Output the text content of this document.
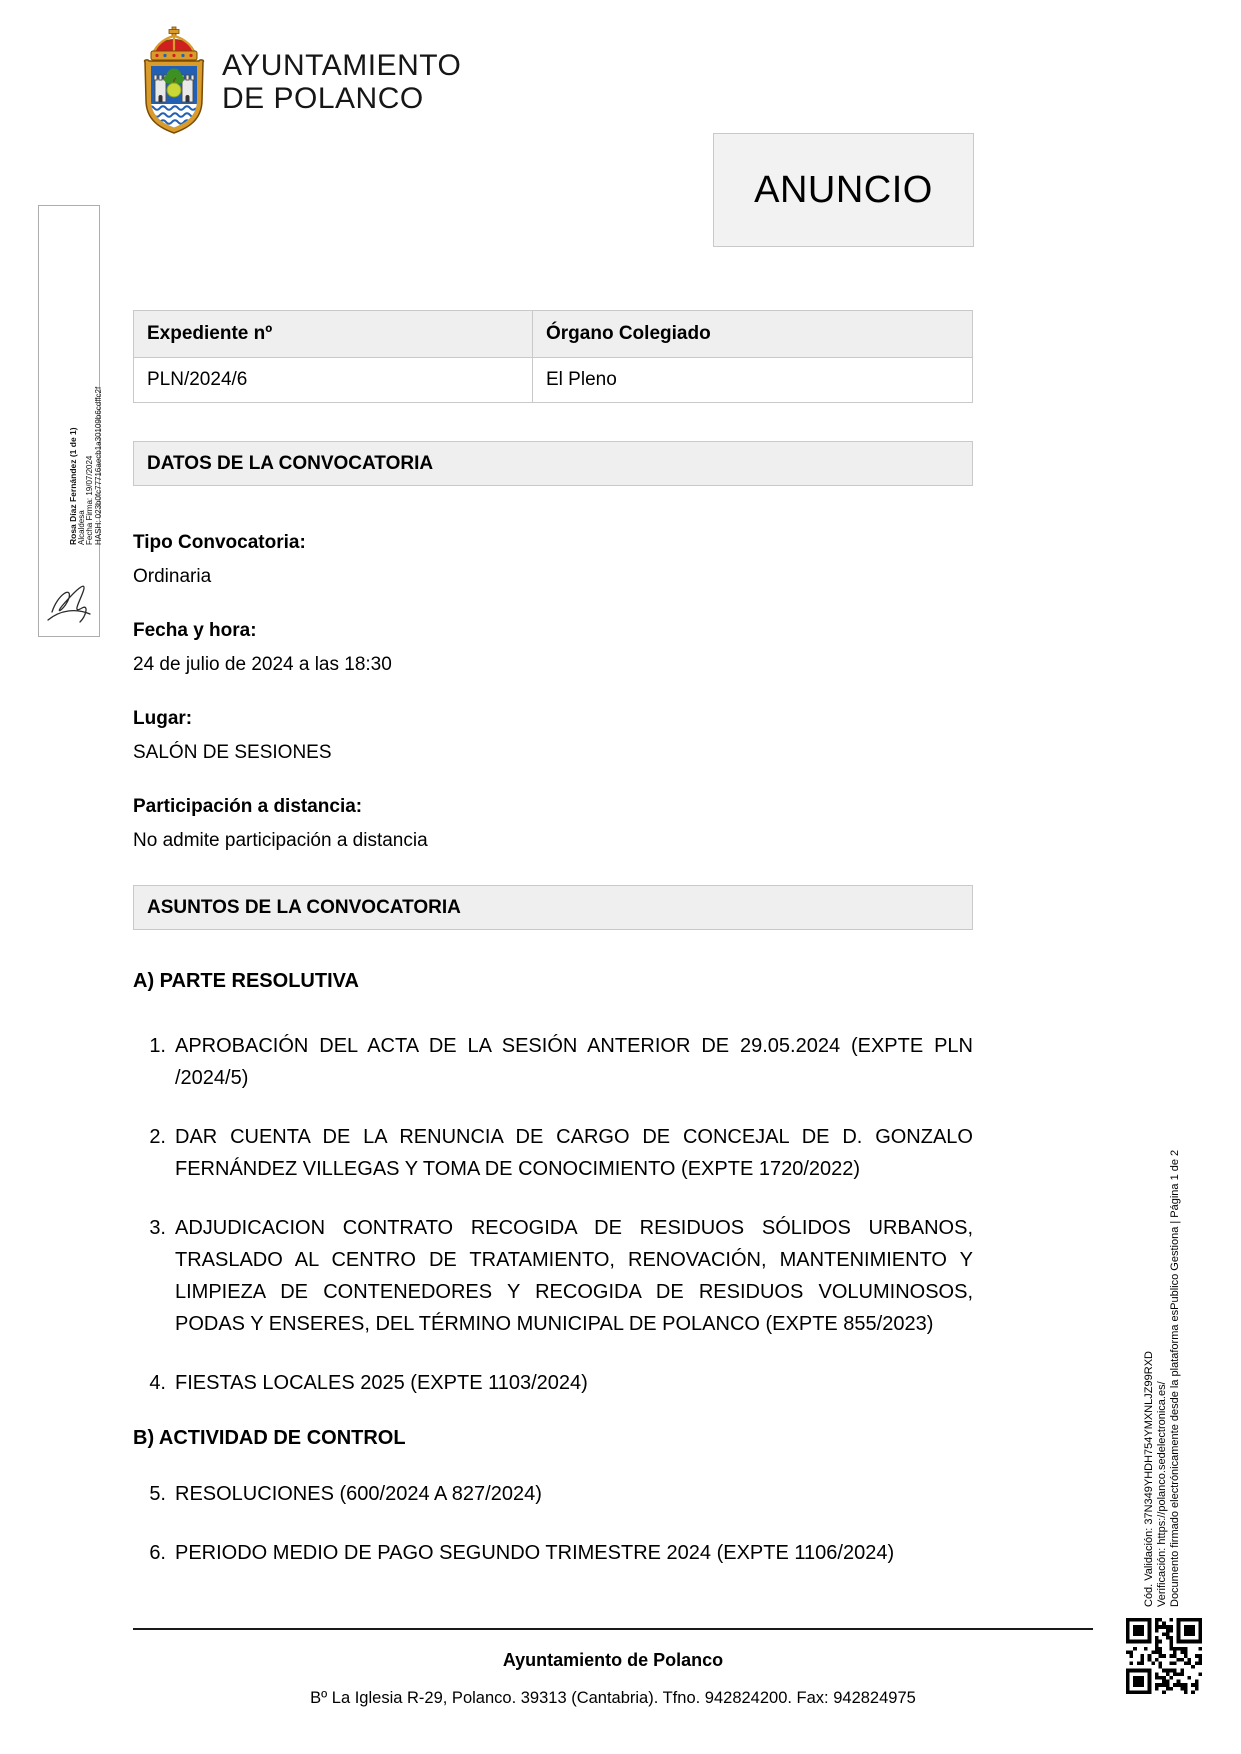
AYUNTAMIENTO
DE POLANCO
ANUNCIO
Expediente nº	Órgano Colegiado
PLN/2024/6	El Pleno
DATOS DE LA CONVOCATORIA
Tipo Convocatoria:
Ordinaria
Fecha y hora:
24 de julio de 2024 a las 18:30
Lugar:
SALÓN DE SESIONES
Participación a distancia:
No admite participación a distancia
ASUNTOS DE LA CONVOCATORIA
A) PARTE RESOLUTIVA
1. APROBACIÓN DEL ACTA DE LA SESIÓN ANTERIOR DE 29.05.2024 (EXPTE PLN /2024/5)
2. DAR CUENTA DE LA RENUNCIA DE CARGO DE CONCEJAL DE D. GONZALO FERNÁNDEZ VILLEGAS Y TOMA DE CONOCIMIENTO (EXPTE 1720/2022)
3. ADJUDICACION CONTRATO RECOGIDA DE RESIDUOS SÓLIDOS URBANOS, TRASLADO AL CENTRO DE TRATAMIENTO, RENOVACIÓN, MANTENIMIENTO Y LIMPIEZA DE CONTENEDORES Y RECOGIDA DE RESIDUOS VOLUMINOSOS, PODAS Y ENSERES, DEL TÉRMINO MUNICIPAL DE POLANCO (EXPTE 855/2023)
4. FIESTAS LOCALES 2025 (EXPTE 1103/2024)
B) ACTIVIDAD DE CONTROL
5. RESOLUCIONES (600/2024 A 827/2024)
6. PERIODO MEDIO DE PAGO SEGUNDO TRIMESTRE 2024 (EXPTE 1106/2024)
Ayuntamiento de Polanco
Bº La Iglesia R-29, Polanco. 39313 (Cantabria). Tfno. 942824200. Fax: 942824975
Rosa Díaz Fernández (1 de 1)
Alcaldesa Fecha Firma: 19/07/2024 HASH: 023b0fc77716aecb1a30109b6cdffc2f
Cód. Validación: 37N349YHDH754YMXNLJZ99RXD Verificación: https://polanco.sedelectronica.es/ Documento firmado electrónicamente desde la plataforma esPublico Gestiona | Página 1 de 2
